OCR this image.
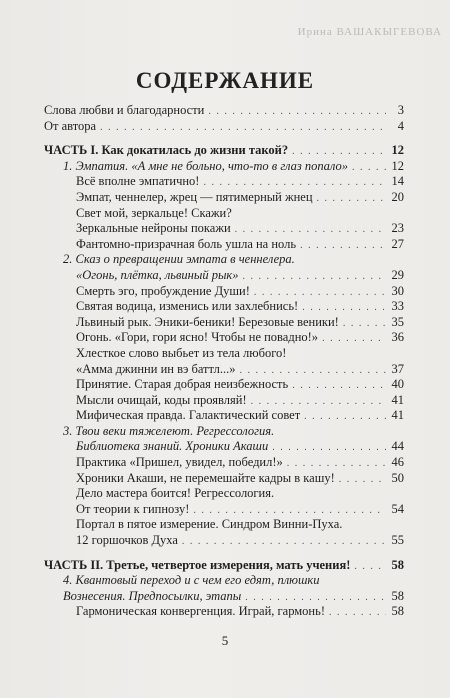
Ирина ВАШАКЫГЕВОВА
СОДЕРЖАНИЕ
Слова любви и благодарности . . .	3
От автора . . .	4
ЧАСТЬ I. Как докатилась до жизни такой? . . .	12
1. Эмпатия. «А мне не больно, что-то в глаз попало» . . .	12
Всё вполне эмпатично! . . .	14
Эмпат, ченнелер, жрец — пятимерный жнец . . .	20
Свет мой, зеркальце! Скажи?
Зеркальные нейроны покажи . . .	23
Фантомно-призрачная боль ушла на ноль . . .	27
2. Сказ о превращении эмпата в ченнелера.
«Огонь, плётка, львиный рык» . . .	29
Смерть эго, пробуждение Души! . . .	30
Святая водица, изменись или захлебнись! . . .	33
Львиный рык. Эники-беники! Березовые веники! . . .	35
Огонь. «Гори, гори ясно! Чтобы не повадно!» . . .	36
Хлесткое слово выбьет из тела любого!
«Амма джинни ин вэ баттл...» . . .	37
Принятие. Старая добрая неизбежность . . .	40
Мысли очищай, коды проявляй! . . .	41
Мифическая правда. Галактический совет . . .	41
3. Твои веки тяжелеют. Регрессология.
Библиотека знаний. Хроники Акаши . . .	44
Практика «Пришел, увидел, победил!» . . .	46
Хроники Акаши, не перемешайте кадры в кашу! . . .	50
Дело мастера боится! Регрессология.
От теории к гипнозу! . . .	54
Портал в пятое измерение. Синдром Винни-Пуха.
12 горшочков Духа . . .	55
ЧАСТЬ II. Третье, четвертое измерения, мать учения! . . .	58
4. Квантовый переход и с чем его едят, плюшки
Вознесения. Предпосылки, этапы . . .	58
Гармоническая конвергенция. Играй, гармонь! . . .	58
5
